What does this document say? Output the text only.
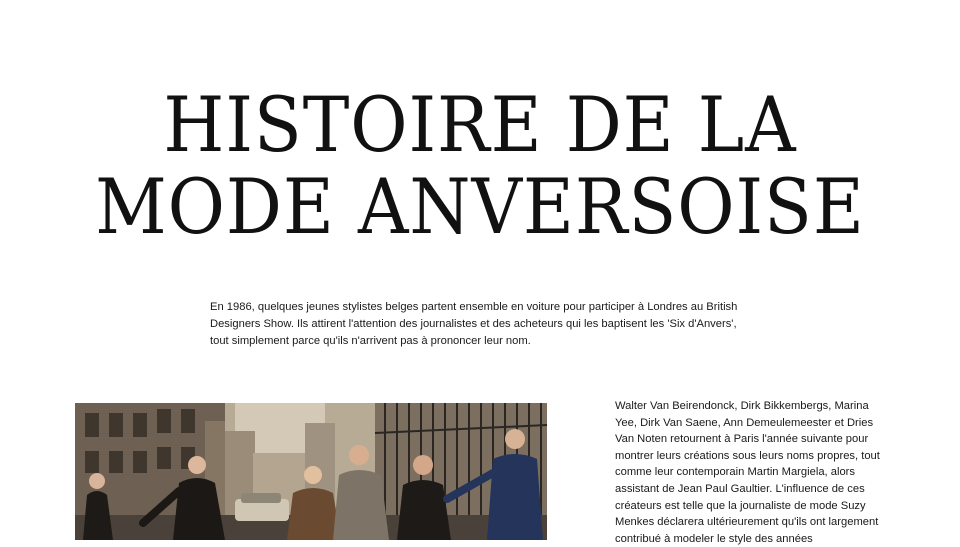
HISTOIRE DE LA
MODE ANVERSOISE

En 1986, quelques jeunes stylistes belges partent ensemble en voiture pour participer à Londres au British Designers Show. Ils attirent l'attention des journalistes et des acheteurs qui les baptisent les 'Six d'Anvers', tout simplement parce qu'ils n'arrivent pas à prononcer leur nom.

Walter Van Beirendonck, Dirk Bikkembergs, Marina Yee, Dirk Van Saene, Ann Demeulemeester et Dries Van Noten retournent à Paris l'année suivante pour montrer leurs créations sous leurs noms propres, tout comme leur contemporain Martin Margiela, alors assistant de Jean Paul Gaultier. L'influence de ces créateurs est telle que la journaliste de mode Suzy Menkes déclarera ultérieurement qu'ils ont largement contribué à modeler le style des années
